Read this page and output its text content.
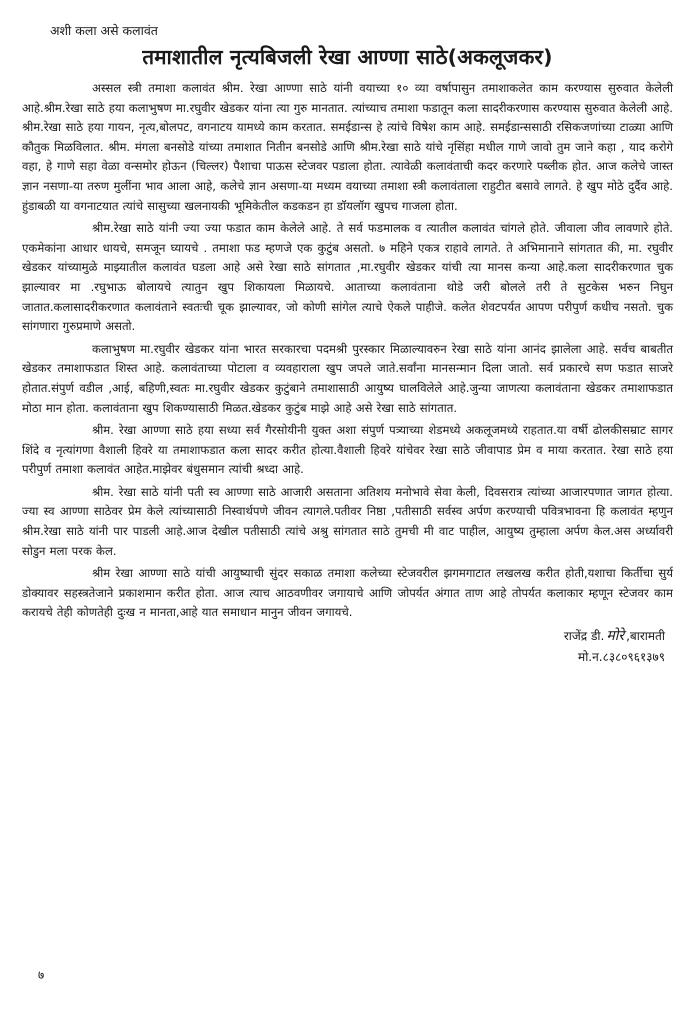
अशी कला असे कलावंत
तमाशातील नृत्यबिजली रेखा आण्णा साठे(अकलूजकर)

अस्सल स्त्री तमाशा कलावंत श्रीम. रेखा आण्णा साठे यांनी वयाच्या १० व्या वर्षापासुन तमाशाकलेत काम करण्यास सुरुवात केलेली आहे.श्रीम.रेखा साठे हया कलाभुषण मा.रघुवीर खेडकर यांना त्या गुरु मानतात. त्यांच्याच तमाशा फडातून कला सादरीकरणास करण्यास सुरुवात केलेली आहे. श्रीम.रेखा साठे हया गायन, नृत्य,बोलपट, वगनाटय यामध्ये काम करतात. समईडान्स हे त्यांचे विषेश काम आहे. समईडान्ससाठी रसिकजणांच्या टाळ्या आणि कौतुक मिळविलात. श्रीम. मंगला बनसोडे यांच्या तमाशात नितीन बनसोडे आणि श्रीम.रेखा साठे यांचे नृसिंहा मधील गाणे जावो तुम जाने कहा , याद करोगे वहा, हे गाणे सहा वेळा वन्समोर होऊन (चिल्लर) पैशाचा पाऊस स्टेजवर पडाला होता. त्यावेळी कलावंताची कदर करणारे पब्लीक होत. आज कलेचे जास्त ज्ञान नसणा-या तरुण मुलींना भाव आला आहे, कलेचे ज्ञान असणा-या मध्यम वयाच्या तमाशा स्त्री कलावंताला राहुटीत बसावे लागते. हे खुप मोठे दुर्दैव आहे. हुंडाबळी या वगनाटयात त्यांचे सासुच्या खलनायकी भूमिकेतील कडकडन हा डॉयलॉग खुपच गाजला होता.

श्रीम.रेखा साठे यांनी ज्या ज्या फडात काम केलेले आहे. ते सर्व फडमालक व त्यातील कलावंत चांगले होते. जीवाला जीव लावणारे होते. एकमेकांना आधार धायचे, समजून घ्यायचे . तमाशा फड म्हणजे एक कुटुंब असतो. ७ महिने एकत्र राहावे लागते. ते अभिमानाने सांगतात की, मा. रघुवीर खेडकर यांच्यामुळे माझ्यातील कलावंत घडला आहे असे रेखा साठे सांगतात ,मा.रघुवीर खेडकर यांची त्या मानस कन्या आहे.कला सादरीकरणात चुक झाल्यावर मा .रघुभाऊ बोलायचे त्यातुन खुप शिकायला मिळायचे. आताच्या कलावंताना थोडे जरी बोलले तरी ते सुटकेस भरुन निघुन जातात.कलासादरीकरणात कलावंताने स्वतःची चूक झाल्यावर, जो कोणी सांगेल त्याचे ऐकले पाहीजे. कलेत शेवटपर्यत आपण परीपुर्ण कधीच नसतो. चुक सांगणारा गुरुप्रमाणे असतो.

कलाभुषण मा.रघुवीर खेडकर यांना भारत सरकारचा पदमश्री पुरस्कार मिळाल्यावरुन रेखा साठे यांना आनंद झालेला आहे. सर्वच बाबतीत खेडकर तमाशाफडात शिस्त आहे. कलावंताच्या पोटाला व व्यवहाराला खुप जपले जाते.सर्वांना मानसन्मान दिला जातो. सर्व प्रकारचे सण फडात साजरे होतात.संपुर्ण वडील ,आई, बहिणी,स्वतः मा.रघुवीर खेडकर कुटुंबाने तमाशासाठी आयुष्य घालविलेले आहे.जुन्या जाणत्या कलावंताना खेडकर तमाशाफडात मोठा मान होता. कलावंताना खुप शिकण्यासाठी मिळत.खेडकर कुटुंब माझे आहे असे रेखा साठे सांगतात.

श्रीम. रेखा आण्णा साठे हया सध्या सर्व गैरसोयीनी युक्त अशा संपुर्ण पत्र्याच्या शेडमध्ये अकलूजमध्ये राहतात.या वर्षी ढोलकीसम्राट सागर शिंदे व नृत्यांगणा वैशाली हिवरे या तमाशाफडात कला सादर करीत होत्या.वैशाली हिवरे यांचेवर रेखा साठे जीवापाड प्रेम व माया करतात. रेखा साठे हया परीपुर्ण तमाशा कलावंत आहेत.माझेवर बंधुसमान त्यांची श्रध्दा आहे.

श्रीम. रेखा साठे यांनी पती स्व आण्णा साठे आजारी असताना अतिशय मनोभावे सेवा केली, दिवसरात्र त्यांच्या आजारपणात जागत होत्या. ज्या स्व आण्णा साठेवर प्रेम केले त्यांच्यासाठी निस्वार्थपणे जीवन त्यागले.पतीवर निष्ठा ,पतीसाठी सर्वस्व अर्पण करण्याची पवित्रभावना हि कलावंत म्हणुन श्रीम.रेखा साठे यांनी पार पाडली आहे.आज देखील पतीसाठी त्यांचे अश्रु सांगतात साठे तुमची मी वाट पाहील, आयुष्य तुम्हाला अर्पण केल.अस अर्ध्यावरी सोडुन मला परक केल.

श्रीम रेखा आण्णा साठे यांची आयुष्याची सुंदर सकाळ तमाशा कलेच्या स्टेजवरील झगमगाटात लखलख करीत होती,यशाचा किर्तीचा सुर्य डोक्यावर सहस्त्रतेजाने प्रकाशमान करीत होता. आज त्याच आठवणीवर जगायाचे आणि जोपर्यत अंगात ताण आहे तोपर्यत कलाकार म्हणून स्टेजवर काम करायचे तेही कोणतेही दुःख न मानता,आहे यात समाधान मानुन जीवन जगायचे.

राजेंद्र डी. मोरे ,बारामती
मो.न.८३८०९६१३७९
७
